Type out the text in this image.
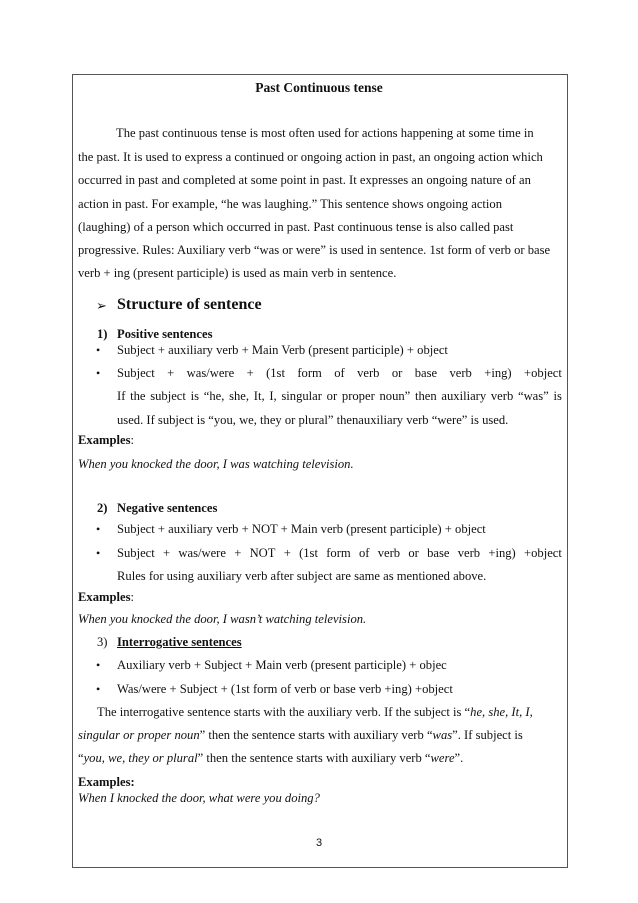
Past Continuous tense
The past continuous tense is most often used for actions happening at some time in
the past. It is used to express a continued or ongoing action in past, an ongoing action which
occurred in past and completed at some point in past. It expresses an ongoing nature of an
action in past. For example, “he was laughing.” This sentence shows ongoing action
(laughing) of a person which occurred in past. Past continuous tense is also called past
progressive. Rules: Auxiliary verb “was or were” is used in sentence. 1st form of verb or base
verb + ing (present participle) is used as main verb in sentence.
➢ Structure of sentence
1) Positive sentences
• Subject + auxiliary verb + Main Verb (present participle) + object
• Subject + was/were + (1st form of verb or base verb +ing) +object
If the subject is “he, she, It, I, singular or proper noun” then auxiliary verb “was” is
used. If subject is “you, we, they or plural” thenauxiliary verb “were” is used.
Examples:
When you knocked the door, I was watching television.
2) Negative sentences
• Subject + auxiliary verb + NOT + Main verb (present participle) + object
• Subject + was/were + NOT + (1st form of verb or base verb +ing) +object
Rules for using auxiliary verb after subject are same as mentioned above.
Examples:
When you knocked the door, I wasn’t watching television.
3) Interrogative sentences
• Auxiliary verb + Subject + Main verb (present participle) + objec
• Was/were + Subject + (1st form of verb or base verb +ing) +object
The interrogative sentence starts with the auxiliary verb. If the subject is “he, she, It, I,
singular or proper noun” then the sentence starts with auxiliary verb “was”. If subject is
“you, we, they or plural” then the sentence starts with auxiliary verb “were”.
Examples:
When I knocked the door, what were you doing?
3
